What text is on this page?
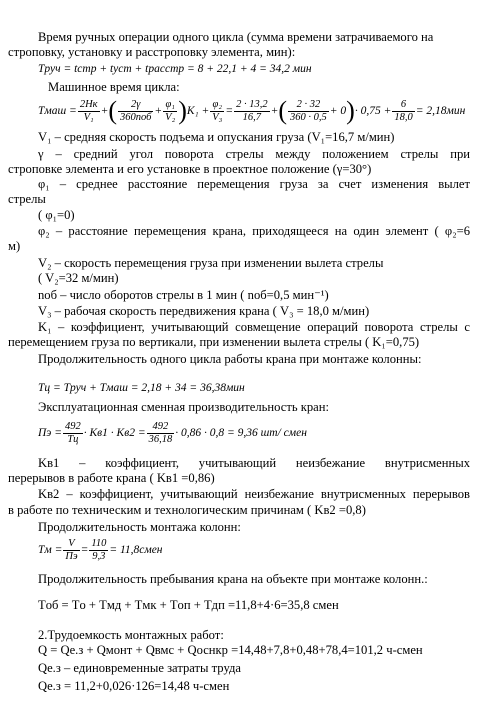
Время ручных операции одного цикла (сумма времени затрачиваемого на
строповку, установку и расстроповку элемента, мин):
Tруч = tстр + tуст + tрасстр = 8 + 22,1 + 4 = 34,2 мин
Машинное время цикла:
Tмаш = $\frac{2Hк}{\text{V₁}}$ + ( $\frac{2\gamma}{\text{360nоб}} + \frac{\text{φ₁}}{\text{V₂}}$ ) $K_1 + \frac{\text{φ₂}}{\text{V₃}} = \frac{2 \cdot 13,2}{16,7}$ + ( $\frac{2 \cdot 32}{360 \cdot 0,5} + 0$ ) · $0,75 + \frac{6}{18,0} = 2,18мин$
V₁ – средняя скорость подъема и опускания груза (V₁=16,7 м/мин)
γ – средний угол поворота стрелы между положением стрелы при
строповке элемента и его установке в проектное положение (γ=30°)
φ₁ – среднее расстояние перемещения груза за счет изменения вылет
стрелы
( φ₁=0)
φ₂ – расстояние перемещения крана, приходящееся на один элемент ( φ₂=6
м)
V₂ – скорость перемещения груза при изменении вылета стрелы
( V₂=32 м/мин)
nоб – число оборотов стрелы в 1 мин ( nоб=0,5 мин⁻¹)
V₃ – рабочая скорость передвижения крана ( V₃ = 18,0 м/мин)
K₁ – коэффициент, учитывающий совмещение операций поворота стрелы с
перемещением груза по вертикали, при изменении вылета стрелы ( K₁=0,75)
Продолжительность одного цикла работы крана при монтаже колонны:
Tц = Tруч + Tмаш = 2,18 + 34 = 36,38мин
Эксплуатационная сменная производительность кран:
Пэ = $\frac{492}{Tц} \cdot Kв1 \cdot Kв2 = \frac{492}{36,18} \cdot 0,86 \cdot 0,8 = 9,36$ шт/ смен
Kв1 – коэффициент, учитывающий неизбежание внутрисменных
перерывов в работе крана ( Kв1 =0,86)
Kв2 – коэффициент, учитывающий неизбежание внутрисменных перерывов
в работе по техническим и технологическим причинам ( Kв2 =0,8)
Продолжительность монтажа колонн:
Tм = $\frac{V}{Пэ} = \frac{110}{9,3}$ = 11,8смен
Продолжительность пребывания крана на объекте при монтаже колонн.:
Tоб = Tо + Tмд + Tмк + Tоп + Tдп =11,8+4·6=35,8 смен
2.Трудоемкость монтажных работ:
Q = Qе.з + Qмонт + Qвмс + Qоснкр =14,48+7,8+0,48+78,4=101,2 ч-смен
Qе.з – единовременные затраты труда
Qе.з = 11,2+0,026·126=14,48 ч-смен
